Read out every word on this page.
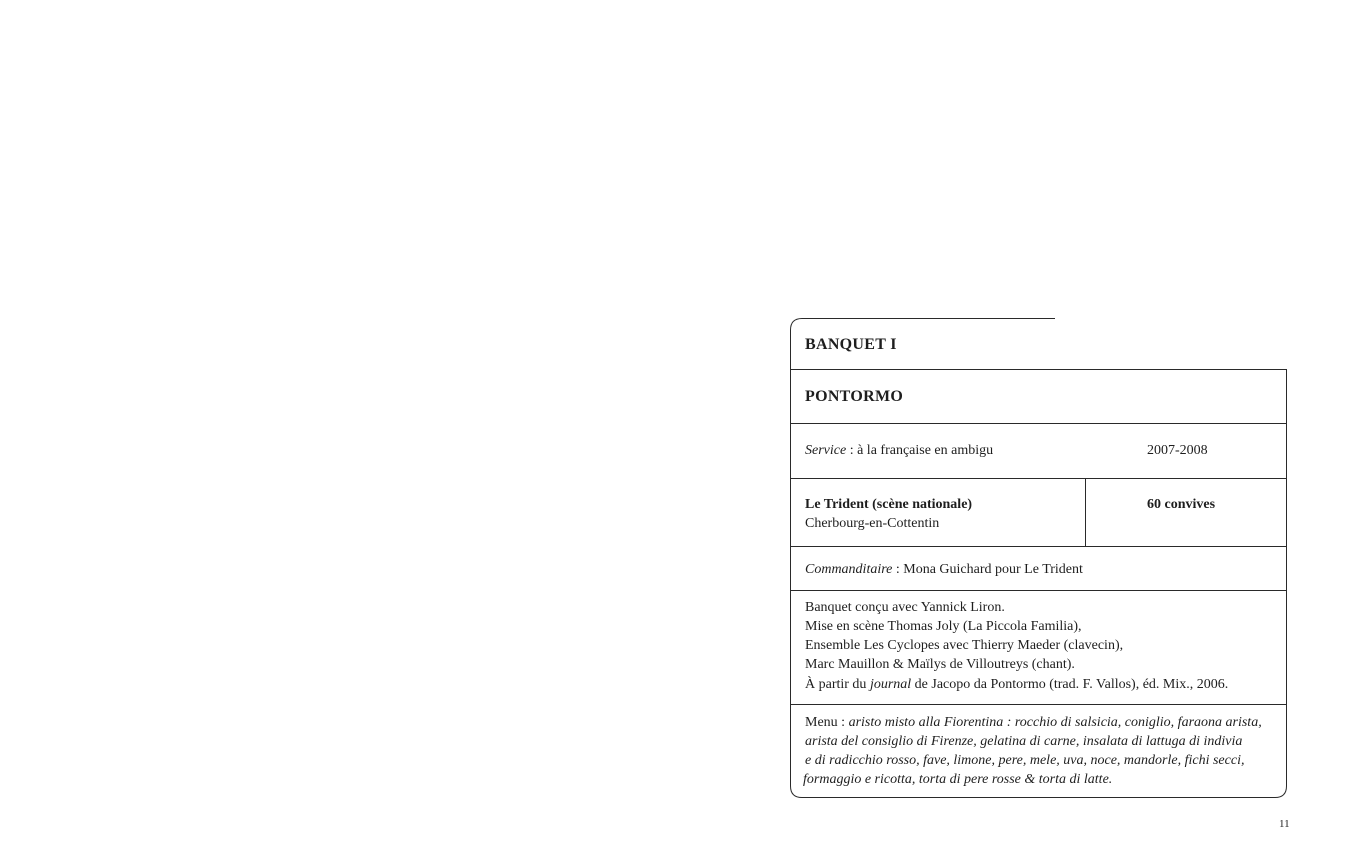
BANQUET I
PONTORMO
Service : à la française en ambigu	2007-2008
Le Trident (scène nationale)
Cherbourg-en-Cottentin
60 convives
Commanditaire : Mona Guichard pour Le Trident
Banquet conçu avec Yannick Liron.
Mise en scène Thomas Joly (La Piccola Familia),
Ensemble Les Cyclopes avec Thierry Maeder (clavecin),
Marc Mauillon & Maïlys de Villoutreys (chant).
À partir du journal de Jacopo da Pontormo (trad. F. Vallos), éd. Mix., 2006.
Menu : aristo misto alla Fiorentina : rocchio di salsicia, coniglio, faraona arista,
arista del consiglio di Firenze, gelatina di carne, insalata di lattuga di indivia
e di radicchio rosso, fave, limone, pere, mele, uva, noce, mandorle, fichi secci,
formaggio e ricotta, torta di pere rosse & torta di latte.
11
